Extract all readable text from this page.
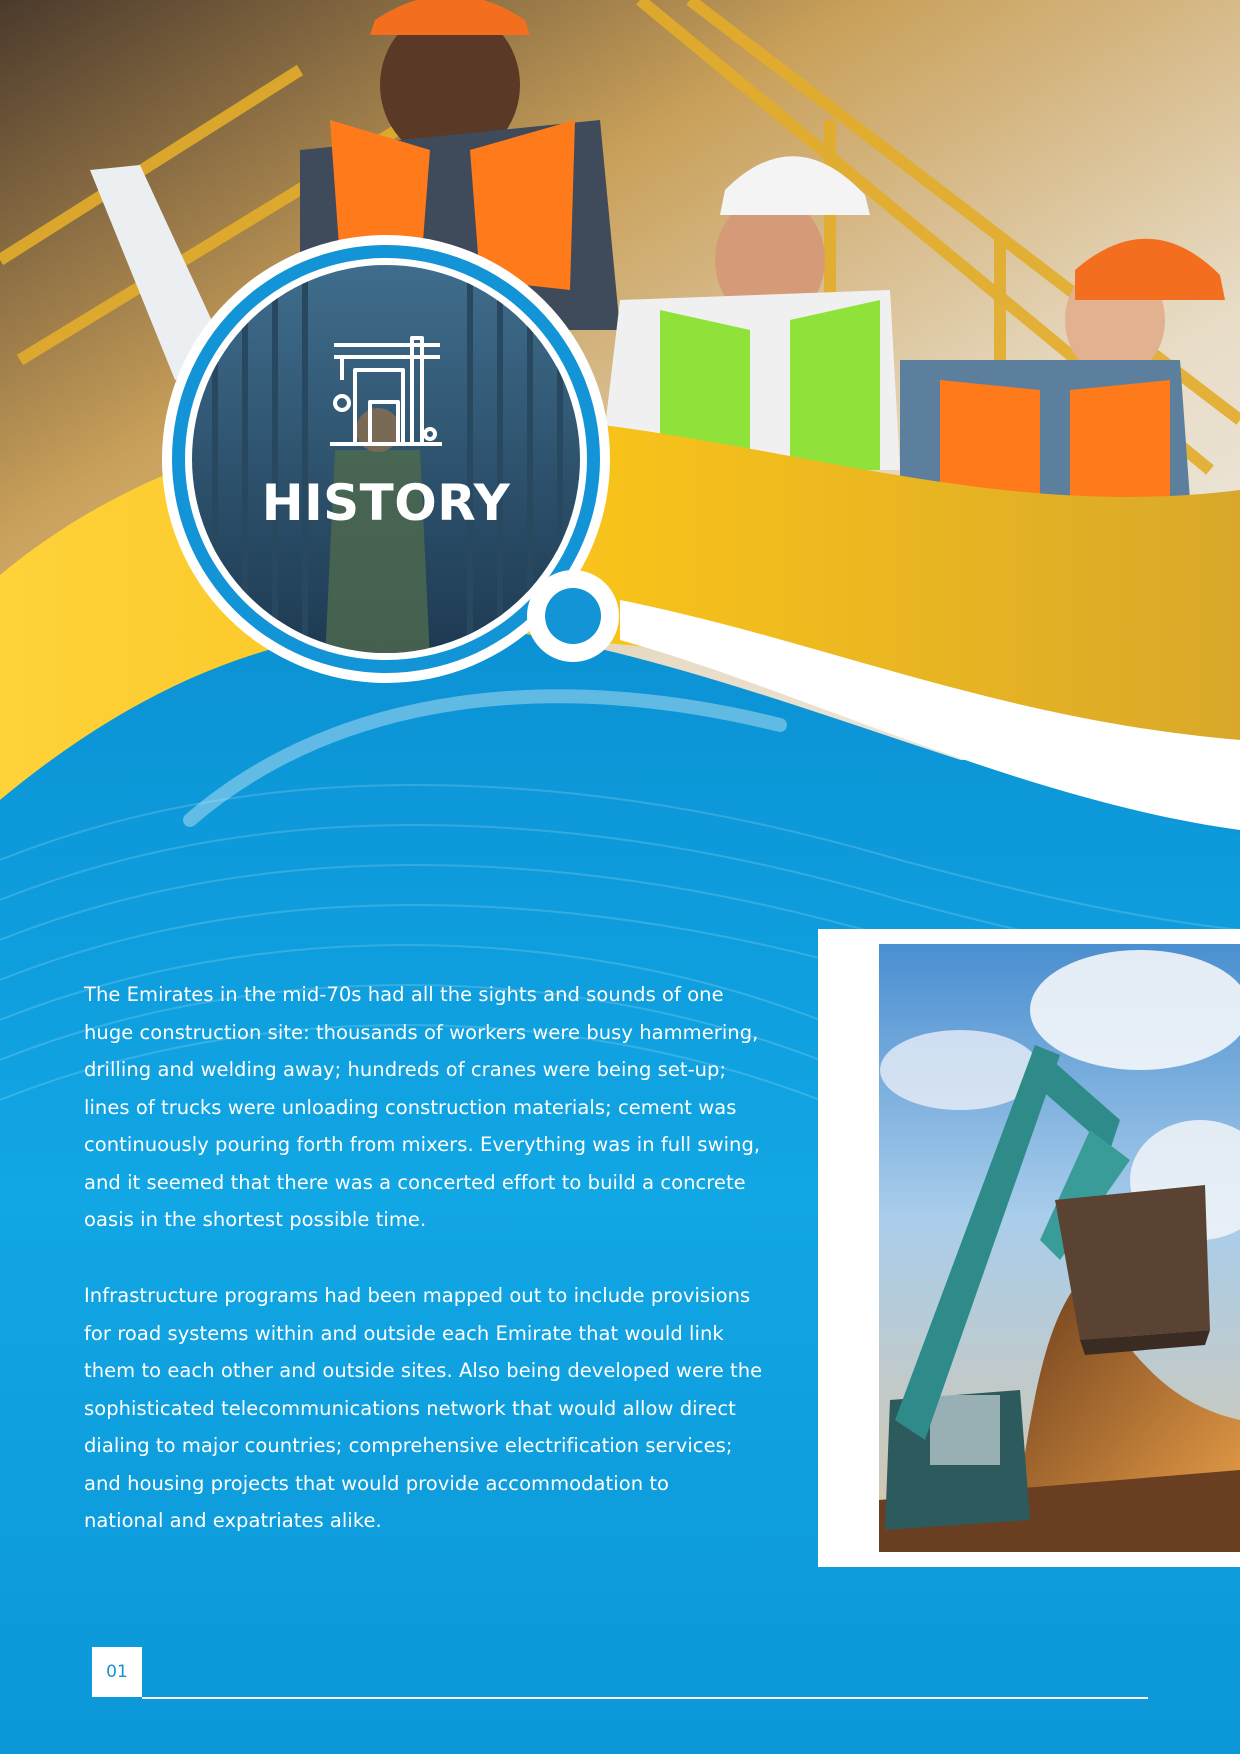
HISTORY

The Emirates in the mid-70s had all the sights and sounds of one
huge construction site: thousands of workers were busy hammering,
drilling and welding away; hundreds of cranes were being set-up;
lines of trucks were unloading construction materials; cement was
continuously pouring forth from mixers. Everything was in full swing,
and it seemed that there was a concerted effort to build a concrete
oasis in the shortest possible time.

Infrastructure programs had been mapped out to include provisions
for road systems within and outside each Emirate that would link
them to each other and outside sites. Also being developed were the
sophisticated telecommunications network that would allow direct
dialing to major countries; comprehensive electrification services;
and housing projects that would provide accommodation to
national and expatriates alike.

01
